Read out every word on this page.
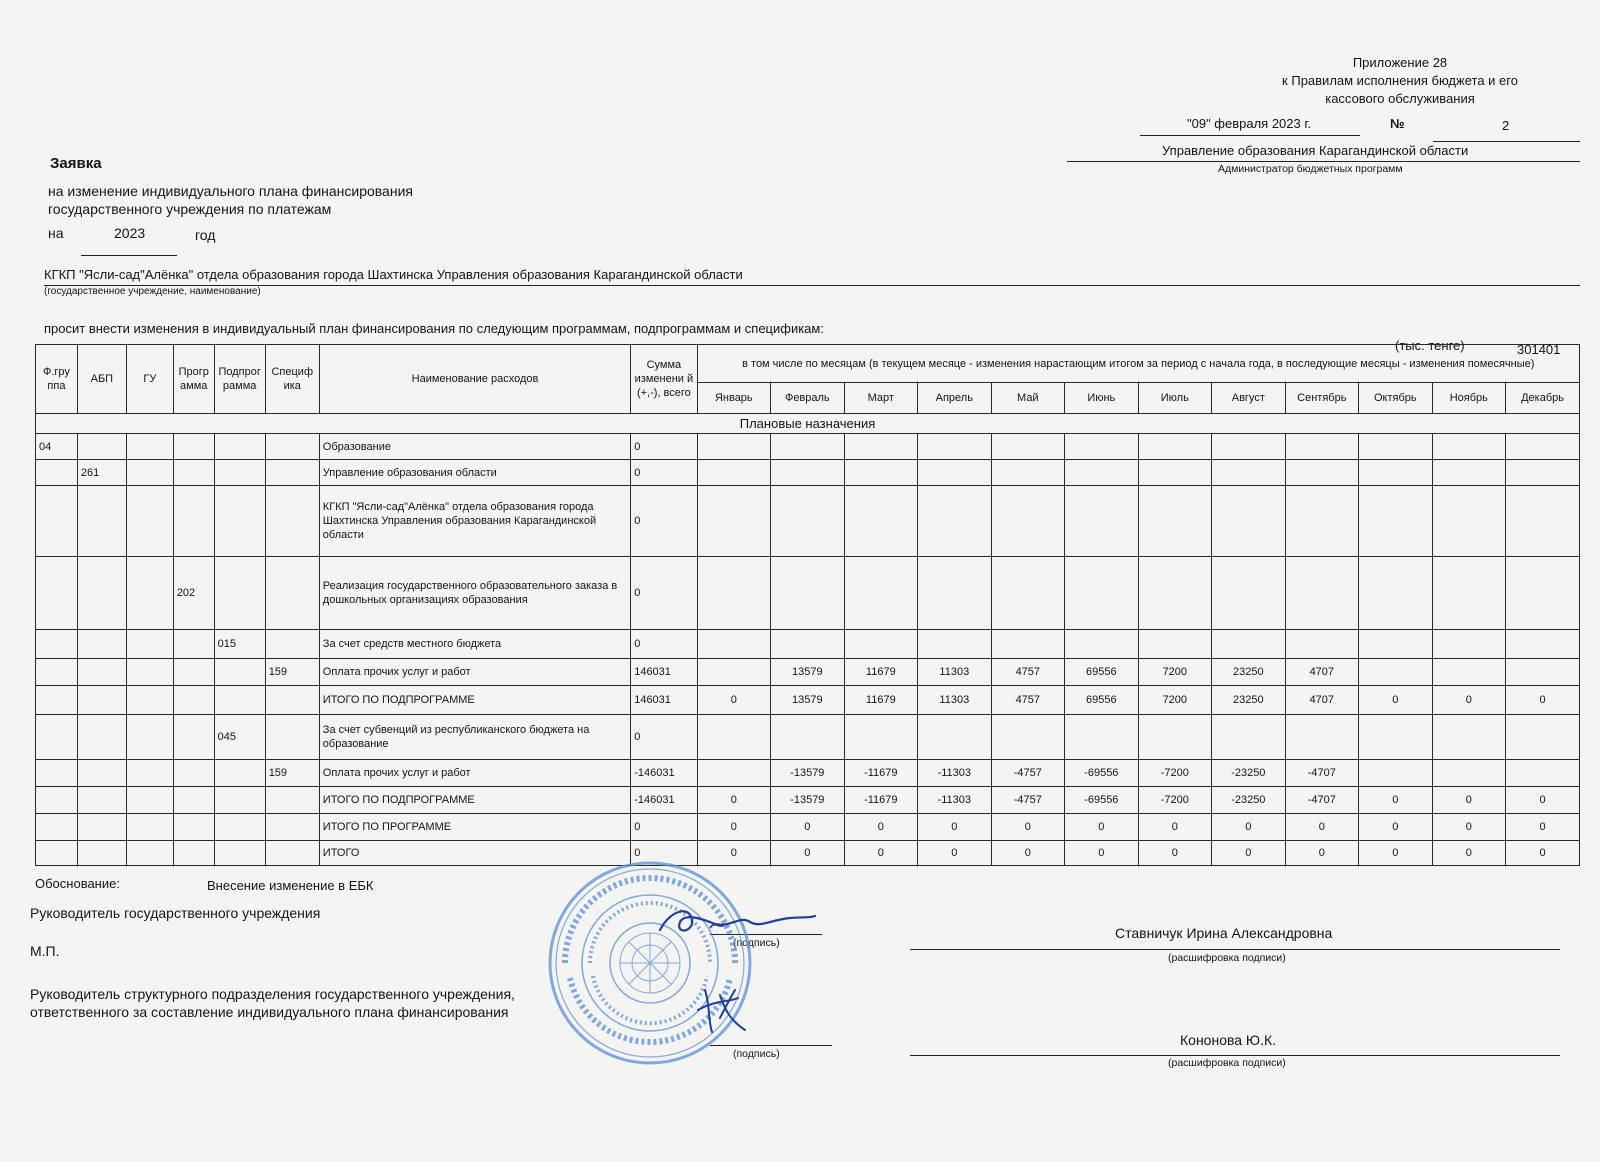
Приложение 28
к Правилам исполнения бюджета и его
кассового обслуживания
"09" февраля 2023 г.	№	2
Управление образования Карагандинской области
Администратор бюджетных программ
Заявка
на изменение индивидуального плана финансирования
государственного учреждения по платежам
на	2023	год
КГКП "Ясли-сад"Алёнка" отдела образования города Шахтинска Управления образования Карагандинской области
(государственное учреждение, наименование)
просит внести изменения в индивидуальный план финансирования по следующим программам, подпрограммам и спецификам:
(тыс. тенге)	301401
Ф.гру ппа	АБП	ГУ	Прогр амма	Подпрог рамма	Специф ика	Наименование расходов	Сумма изменени й (+,-), всего	в том числе по месяцам (в текущем месяце - изменения нарастающим итогом за период с начала года, в последующие месяцы - изменения помесячные)											
								Январь	Февраль	Март	Апрель	Май	Июнь	Июль	Август	Сентябрь	Октябрь	Ноябрь	Декабрь
Плановые назначения																			
04						Образование	0												
	261					Управление образования области	0												
						КГКП "Ясли-сад"Алёнка" отдела образования города Шахтинска Управления образования Карагандинской области	0												
			202			Реализация государственного образовательного заказа в дошкольных организациях образования	0												
				015		За счет средств местного бюджета	0												
					159	Оплата прочих услуг и работ	146031		13579	11679	11303	4757	69556	7200	23250	4707			
						ИТОГО ПО ПОДПРОГРАММЕ	146031	0	13579	11679	11303	4757	69556	7200	23250	4707	0	0	0
				045		За счет субвенций из республиканского бюджета на образование	0												
					159	Оплата прочих услуг и работ	-146031		-13579	-11679	-11303	-4757	-69556	-7200	-23250	-4707			
						ИТОГО ПО ПОДПРОГРАММЕ	-146031	0	-13579	-11679	-11303	-4757	-69556	-7200	-23250	-4707	0	0	0
						ИТОГО ПО ПРОГРАММЕ	0	0	0	0	0	0	0	0	0	0	0	0	0
						ИТОГО	0	0	0	0	0	0	0	0	0	0	0	0	0
Обоснование:	Внесение изменение в ЕБК
Руководитель государственного учреждения
М.П.
Руководитель структурного подразделения государственного учреждения,
ответственного за составление индивидуального плана финансирования
(подпись)
Ставничук Ирина Александровна
(расшифровка подписи)
(подпись)
Кононова Ю.К.
(расшифровка подписи)
